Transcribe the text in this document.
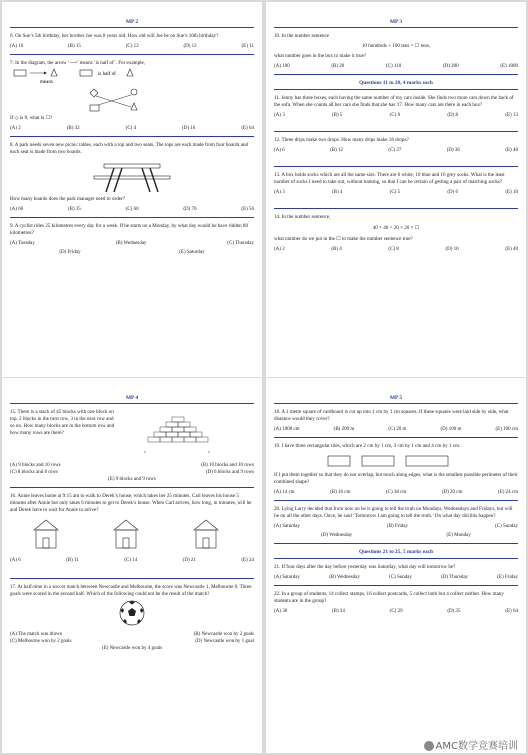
MP 2

6. On Sue’s 5th birthday, her brother Joe was 8 years old. How old will Joe be on Sue’s 10th birthday?

(A) 16	(B) 15	(C) 13	(D) 12	(E) 11

7. In the diagram, the arrow ‘⟶’ means ‘is half of’. For example,

means
is half of

If ◇ is 8, what is ☐?

(A) 2	(B) 32	(C) 4	(D) 16	(E) 64

8. A park needs seven new picnic tables, each with a top and two seats. The tops are each made from four boards and each seat is made from two boards.

How many boards does the park manager need to order?

(A) 66	(B) 35	(C) 60	(D) 70	(E) 56

9. A cyclist rides 25 kilometres every day for a week. If he starts on a Monday, by what day would he have ridden 80 kilometres?

(A) Tuesday	(B) Wednesday	(C) Thursday
(D) Friday	(E) Saturday
MP 3

10. In the number sentence

10 hundreds + 100 tens = ☐ tens,

what number goes in the box to make it true?

(A) 100	(B) 20	(C) 110	(D) 200	(E) 1000
Questions 11 to 20, 4 marks each

11. Jenny has three boxes, each having the same number of toy cars inside. She finds two more cars down the back of the sofa. When she counts all her cars she finds that she has 17. How many cars are there in each box?

(A) 3	(B) 5	(C) 6	(D) 8	(E) 13

12. Three drips make two drops. How many drips make 18 drops?

(A) 6	(B) 12	(C) 27	(D) 36	(E) 48

13. A box holds socks which are all the same size. There are 6 white, 10 blue and 16 grey socks. What is the least number of socks I need to take out, without looking, so that I can be certain of getting a pair of matching socks?

(A) 3	(B) 4	(C) 5	(D) 6	(E) 10

14. In the number sentence,

40 × 40 = 20 × 20 × ☐

what number do we put in the ☐ to make the number sentence true?

(A) 2	(B) 4	(C) 8	(D) 16	(E) 40
MP 4

15. There is a stack of 45 blocks with one block on top, 2 blocks in the next row, 3 in the next row and so on. How many blocks are in the bottom row and how many rows are there?

(A) 9 blocks and 10 rows	(B) 10 blocks and 10 rows
(C) 8 blocks and 8 rows	(D) 6 blocks and 9 rows
(E) 9 blocks and 9 rows

16. Annie leaves home at 9:15 am to walk to Derek’s house, which takes her 25 minutes. Carl leaves his house 5 minutes after Annie but only takes 6 minutes to get to Derek’s house. When Carl arrives, how long, in minutes, will he and Derek have to wait for Annie to arrive?

(A) 6	(B) 11	(C) 14	(D) 21	(E) 24

17. At half-time in a soccer match between Newcastle and Melbourne, the score was Newcastle 1, Melbourne 0. Three goals were scored in the second half. Which of the following could not be the result of the match?

(A) The match was drawn	(B) Newcastle won by 2 goals
(C) Melbourne won by 2 goals	(D) Newcastle won by 1 goal
(E) Newcastle won by 4 goals
MP 5

18. A 1 metre square of cardboard is cut up into 1 cm by 1 cm squares. If these squares were laid side by side, what distance would they cover?

(A) 1000 cm	(B) 200 m	(C) 20 m	(D) 100 m	(E) 100 cm

19. I have three rectangular tiles, which are 2 cm by 1 cm, 3 cm by 1 cm and 4 cm by 1 cm.

If I put them together so that they do not overlap, but touch along edges, what is the smallest possible perimeter of their combined shape?

(A) 14 cm	(B) 16 cm	(C) 18 cm	(D) 20 cm	(E) 24 cm

20. Lying Larry decided that from now on he is going to tell the truth on Mondays, Wednesdays and Fridays, but will lie on all the other days. Once, he said ‘Tomorrow I am going to tell the truth.’ On what day did this happen?

(A) Saturday	(B) Friday	(C) Sunday
(D) Wednesday	(E) Monday
Questions 21 to 25, 5 marks each

21. If four days after the day before yesterday was Saturday, what day will tomorrow be?

(A) Saturday	(B) Wednesday	(C) Sunday	(D) Thursday	(E) Friday

22. In a group of students, 14 collect stamps, 16 collect postcards, 5 collect both but 4 collect neither. How many students are in the group?

(A) 30	(B) 34	(C) 29	(D) 35	(E) 64
AMC数学竞赛培训
